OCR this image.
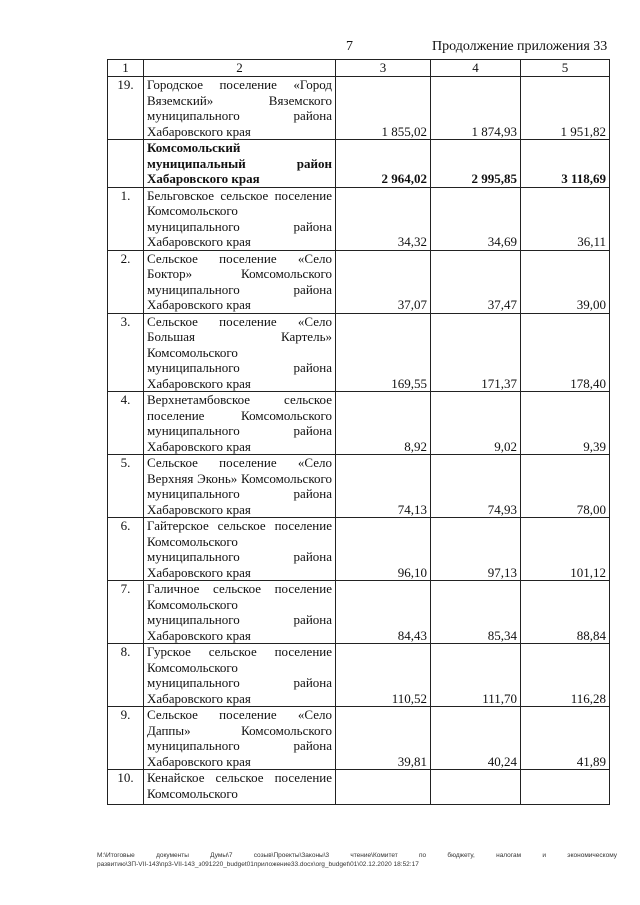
7	Продолжение приложения 33
1	2	3	4	5
19.	Городское поселение «Город Вяземский» Вяземского муниципального района Хабаровского края	1 855,02	1 874,93	1 951,82
	Комсомольский муниципальный район Хабаровского края	2 964,02	2 995,85	3 118,69
1.	Бельговское сельское поселение Комсомольского муниципального района Хабаровского края	34,32	34,69	36,11
2.	Сельское поселение «Село Боктор» Комсомольского муниципального района Хабаровского края	37,07	37,47	39,00
3.	Сельское поселение «Село Большая Картель» Комсомольского муниципального района Хабаровского края	169,55	171,37	178,40
4.	Верхнетамбовское сельское поселение Комсомольского муниципального района Хабаровского края	8,92	9,02	9,39
5.	Сельское поселение «Село Верхняя Эконь» Комсомольского муниципального района Хабаровского края	74,13	74,93	78,00
6.	Гайтерское сельское поселение Комсомольского муниципального района Хабаровского края	96,10	97,13	101,12
7.	Галичное сельское поселение Комсомольского муниципального района Хабаровского края	84,43	85,34	88,84
8.	Гурское сельское поселение Комсомольского муниципального района Хабаровского края	110,52	111,70	116,28
9.	Сельское поселение «Село Даппы» Комсомольского муниципального района Хабаровского края	39,81	40,24	41,89
10.	Кенайское сельское поселение Комсомольского			
M:\Итоговые документы Думы\7 созыв\Проекты\Законы\3 чтение\Комитет по бюджету, налогам и экономическому
развитию\ЗП-VII-143\пр3-VII-143_з091220_budget01приложение33.docx\org_budget\01\02.12.2020 18:52:17
